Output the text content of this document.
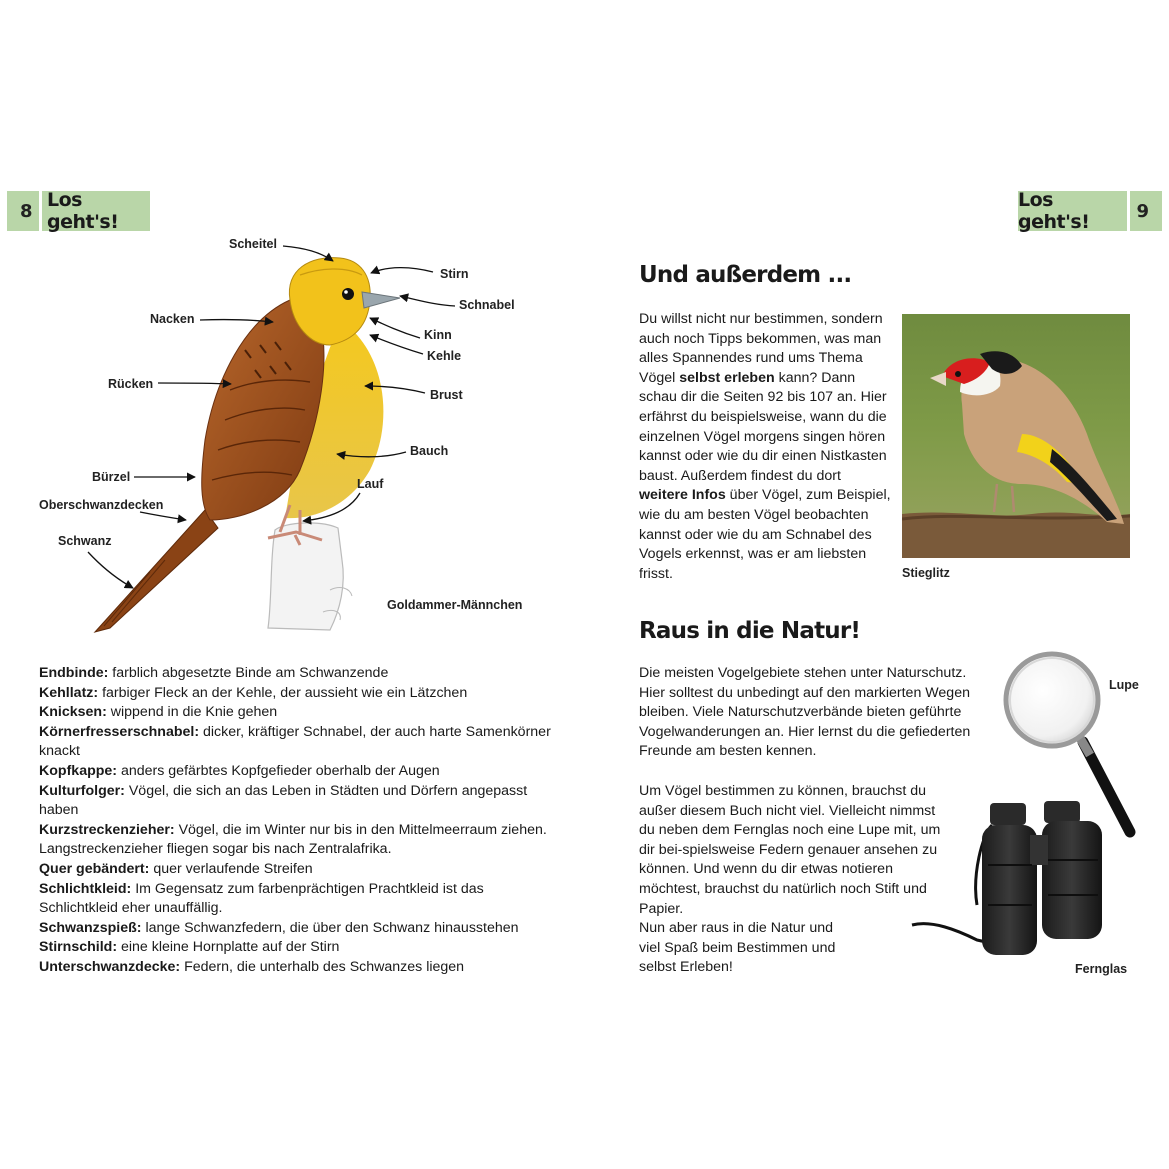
8 Los geht's!
Los geht's!	9
Scheitel
Stirn
Schnabel
Nacken
Kinn
Kehle
Rücken
Brust
Bauch
Bürzel	Lauf
Oberschwanzdecken
Schwanz
Goldammer-Männchen

Endbinde: farblich abgesetzte Binde am Schwanzende

Kehllatz: farbiger Fleck an der Kehle, der aussieht wie ein Lätzchen

Knicksen: wippend in die Knie gehen

Körnerfresserschnabel: dicker, kräftiger Schnabel, der auch harte Samenkörner knackt

Kopfkappe: anders gefärbtes Kopfgefieder oberhalb der Augen

Kulturfolger: Vögel, die sich an das Leben in Städten und Dörfern angepasst haben

Kurzstreckenzieher: Vögel, die im Winter nur bis in den Mittelmeerraum ziehen. Langstreckenzieher fliegen sogar bis nach Zentralafrika.

Quer gebändert: quer verlaufende Streifen

Schlichtkleid: Im Gegensatz zum farbenprächtigen Prachtkleid ist das Schlichtkleid eher unauffällig.

Schwanzspieß: lange Schwanzfedern, die über den Schwanz hinausstehen

Stirnschild: eine kleine Hornplatte auf der Stirn

Unterschwanzdecke: Federn, die unterhalb des Schwanzes liegen

Und außerdem ...

Du willst nicht nur bestimmen, sondern auch noch Tipps bekommen, was man alles Spannendes rund ums Thema Vögel selbst erleben kann? Dann schau dir die Seiten 92 bis 107 an. Hier erfährst du beispielsweise, wann du die einzelnen Vögel morgens singen hören kannst oder wie du dir einen Nistkasten baust. Außerdem findest du dort weitere Infos über Vögel, zum Beispiel, wie du am besten Vögel beobachten kannst oder wie du am Schnabel des Vogels erkennst, was er am liebsten frisst.	Stieglitz
Raus in die Natur!

Die meisten Vogelgebiete stehen unter Naturschutz. Hier solltest du unbedingt auf den markierten Wegen bleiben. Viele Naturschutzverbände bieten geführte Vogelwanderungen an. Hier lernst du die gefiederten Freunde am besten kennen.

Um Vögel bestimmen zu können, brauchst du außer diesem Buch nicht viel. Vielleicht nimmst du neben dem Fernglas noch eine Lupe mit, um dir bei-spielsweise Federn genauer ansehen zu können. Und wenn du dir etwas notieren möchtest, brauchst du natürlich noch Stift und Papier.

Nun aber raus in die Natur und viel Spaß beim Bestimmen und selbst Erleben!

Lupe
Fernglas
